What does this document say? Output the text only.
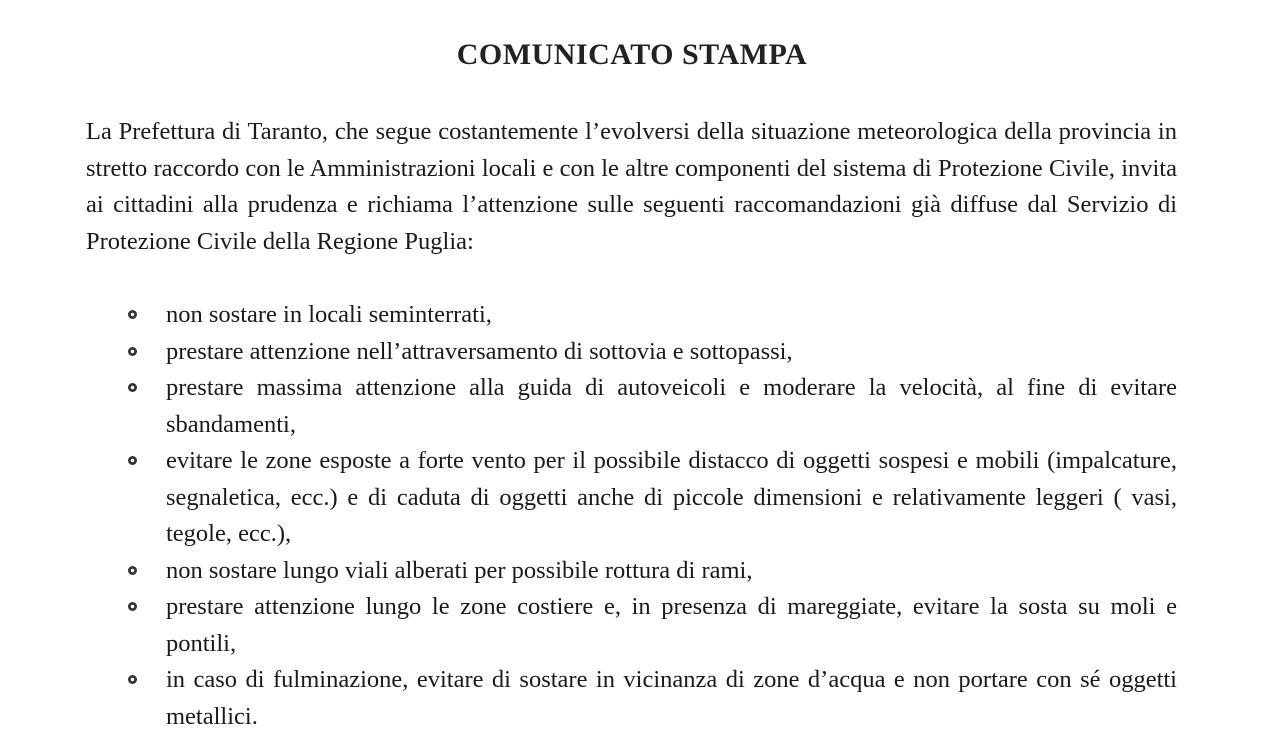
COMUNICATO STAMPA

La Prefettura di Taranto, che segue costantemente l’evolversi della situazione meteorologica della provincia in stretto raccordo con le Amministrazioni locali e con le altre componenti del sistema di Protezione Civile, invita ai cittadini alla prudenza e richiama l’attenzione sulle seguenti raccomandazioni già diffuse dal Servizio di Protezione Civile della Regione Puglia:

non sostare in locali seminterrati,
prestare attenzione nell’attraversamento di sottovia e sottopassi,
prestare massima attenzione alla guida di autoveicoli e moderare la velocità, al fine di evitare sbandamenti,
evitare le zone esposte a forte vento per il possibile distacco di oggetti sospesi e mobili (impalcature, segnaletica, ecc.) e di caduta di oggetti anche di piccole dimensioni e relativamente leggeri ( vasi, tegole, ecc.),
non sostare lungo viali alberati per possibile rottura di rami,
prestare attenzione lungo le zone costiere e, in presenza di mareggiate, evitare la sosta su moli e pontili,
in caso di fulminazione, evitare di sostare in vicinanza di zone d’acqua e non portare con sé oggetti metallici.
